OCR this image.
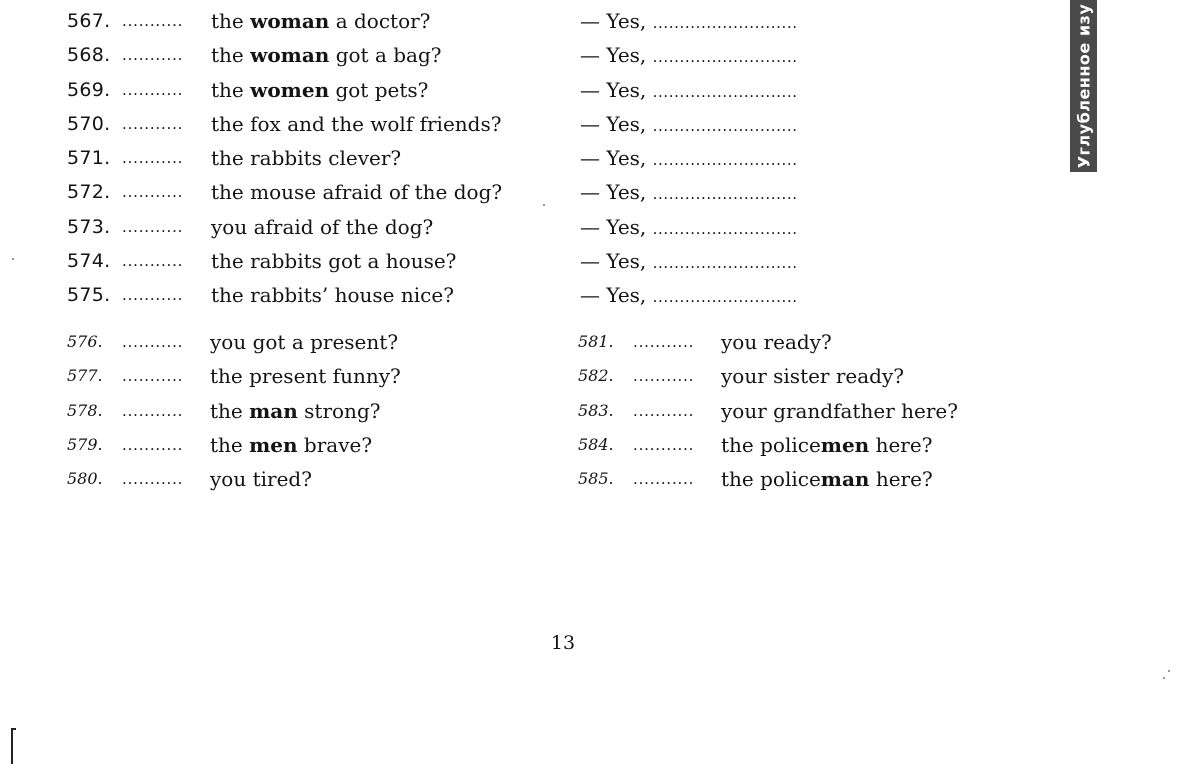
567. ........... the woman a doctor?	— Yes, ...........................
568. ........... the woman got a bag?	— Yes, ...........................
569. ........... the women got pets?	— Yes, ...........................
570. ........... the fox and the wolf friends?	— Yes, ...........................
571. ........... the rabbits clever?	— Yes, ...........................
572. ........... the mouse afraid of the dog?	— Yes, ...........................
573. ........... you afraid of the dog?	— Yes, ...........................
574. ........... the rabbits got a house?	— Yes, ...........................
575. ........... the rabbits’ house nice?	— Yes, ...........................
576. ........... you got a present?
577. ........... the present funny?
578. ........... the man strong?
579. ........... the men brave?
580. ........... you tired?
581. ........... you ready?
582. ........... your sister ready?
583. ........... your grandfather here?
584. ........... the policemen here?
585. ........... the policeman here?
13
Углубленное изу
